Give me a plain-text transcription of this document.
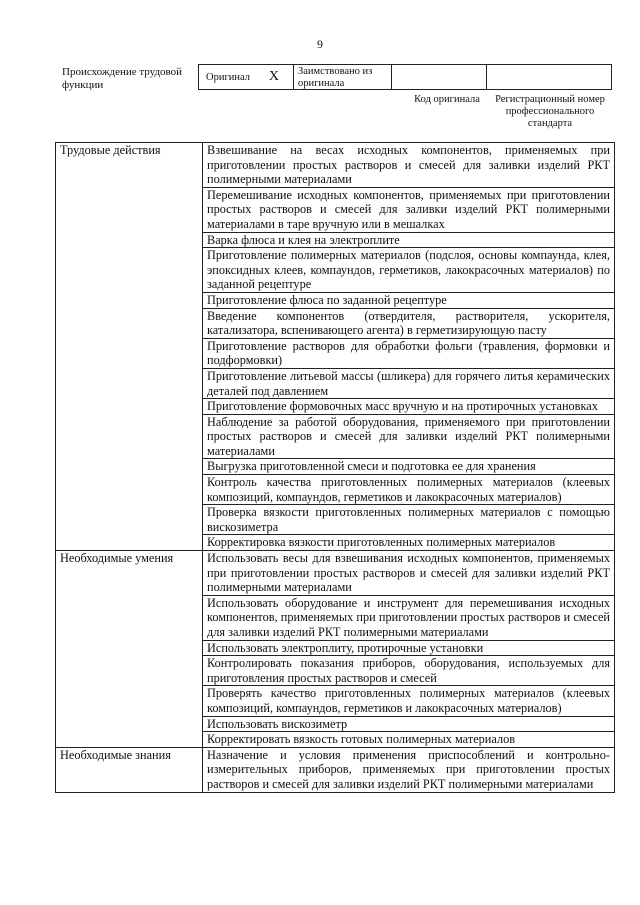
9
Происхождение трудовой функции
Оригинал X	Заимствовано из оригинала
Код оригинала	Регистрационный номер профессионального стандарта
Трудовые действия	Взвешивание на весах исходных компонентов, применяемых при приготовлении простых растворов и смесей для заливки изделий РКТ полимерными материалами
	Перемешивание исходных компонентов, применяемых при приготовлении простых растворов и смесей для заливки изделий РКТ полимерными материалами в таре вручную или в мешалках
	Варка флюса и клея на электроплите
	Приготовление полимерных материалов (подслоя, основы компаунда, клея, эпоксидных клеев, компаундов, герметиков, лакокрасочных материалов) по заданной рецептуре
	Приготовление флюса по заданной рецептуре
	Введение компонентов (отвердителя, растворителя, ускорителя, катализатора, вспенивающего агента) в герметизирующую пасту
	Приготовление растворов для обработки фольги (травления, формовки и подформовки)
	Приготовление литьевой массы (шликера) для горячего литья керамических деталей под давлением
	Приготовление формовочных масс вручную и на протирочных установках
	Наблюдение за работой оборудования, применяемого при приготовлении простых растворов и смесей для заливки изделий РКТ полимерными материалами
	Выгрузка приготовленной смеси и подготовка ее для хранения
	Контроль качества приготовленных полимерных материалов (клеевых композиций, компаундов, герметиков и лакокрасочных материалов)
	Проверка вязкости приготовленных полимерных материалов с помощью вискозиметра
	Корректировка вязкости приготовленных полимерных материалов
Необходимые умения	Использовать весы для взвешивания исходных компонентов, применяемых при приготовлении простых растворов и смесей для заливки изделий РКТ полимерными материалами
	Использовать оборудование и инструмент для перемешивания исходных компонентов, применяемых при приготовлении простых растворов и смесей для заливки изделий РКТ полимерными материалами
	Использовать электроплиту, протирочные установки
	Контролировать показания приборов, оборудования, используемых для приготовления простых растворов и смесей
	Проверять качество приготовленных полимерных материалов (клеевых композиций, компаундов, герметиков и лакокрасочных материалов)
	Использовать вискозиметр
	Корректировать вязкость готовых полимерных материалов
Необходимые знания	Назначение и условия применения приспособлений и контрольно-измерительных приборов, применяемых при приготовлении простых растворов и смесей для заливки изделий РКТ полимерными материалами
